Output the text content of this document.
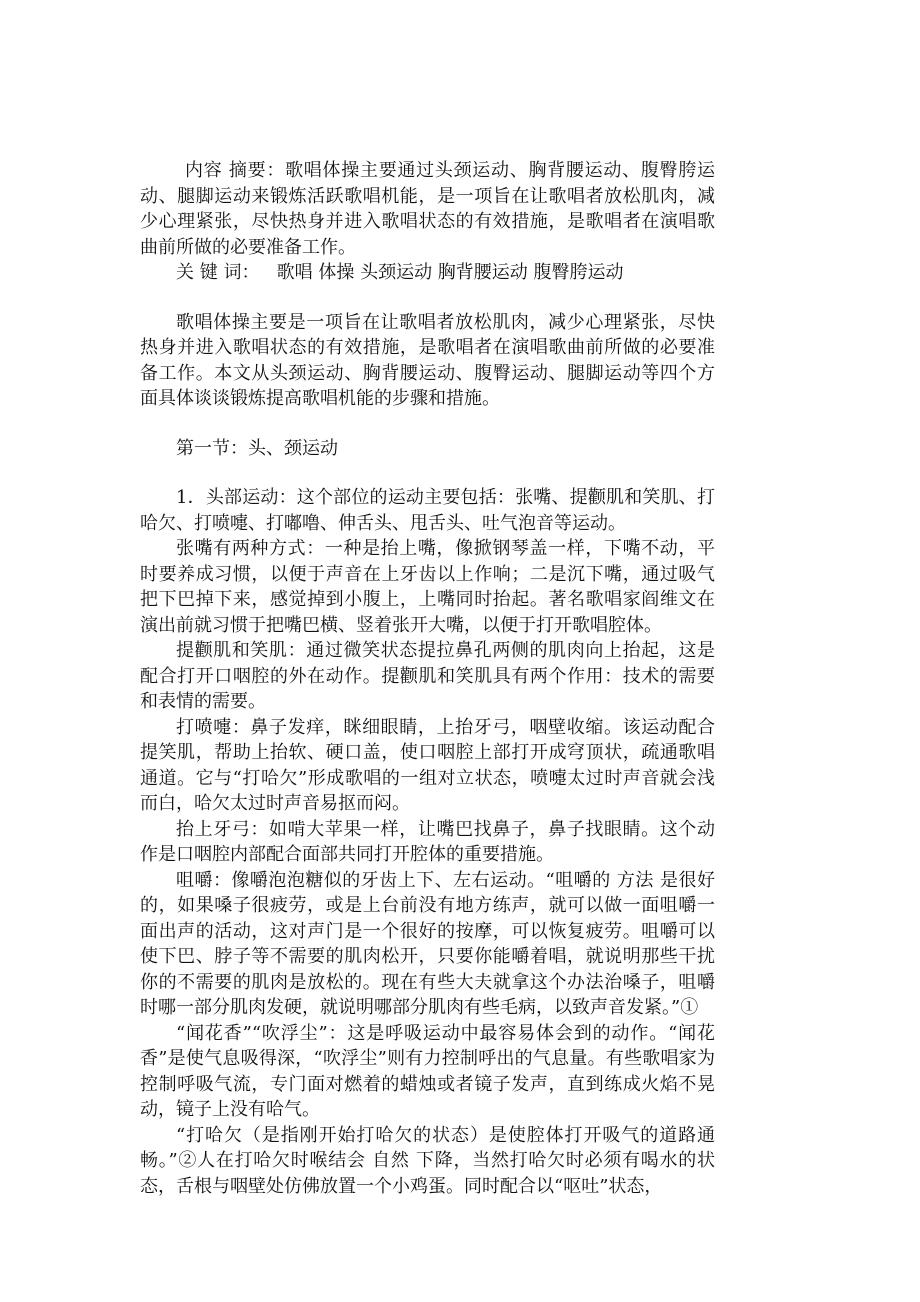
内容 摘要：歌唱体操主要通过头颈运动、胸背腰运动、腹臀胯运动、腿脚运动来锻炼活跃歌唱机能，是一项旨在让歌唱者放松肌肉，减少心理紧张，尽快热身并进入歌唱状态的有效措施，是歌唱者在演唱歌曲前所做的必要准备工作。

关 键 词： 歌唱 体操 头颈运动 胸背腰运动 腹臀胯运动

歌唱体操主要是一项旨在让歌唱者放松肌肉，减少心理紧张，尽快热身并进入歌唱状态的有效措施，是歌唱者在演唱歌曲前所做的必要准备工作。本文从头颈运动、胸背腰运动、腹臀运动、腿脚运动等四个方面具体谈谈锻炼提高歌唱机能的步骤和措施。

第一节：头、颈运动

1．头部运动：这个部位的运动主要包括：张嘴、提颧肌和笑肌、打哈欠、打喷嚏、打嘟噜、伸舌头、甩舌头、吐气泡音等运动。

张嘴有两种方式：一种是抬上嘴，像掀钢琴盖一样，下嘴不动，平时要养成习惯，以便于声音在上牙齿以上作响；二是沉下嘴，通过吸气把下巴掉下来，感觉掉到小腹上，上嘴同时抬起。著名歌唱家阎维文在演出前就习惯于把嘴巴横、竖着张开大嘴，以便于打开歌唱腔体。

提颧肌和笑肌：通过微笑状态提拉鼻孔两侧的肌肉向上抬起，这是配合打开口咽腔的外在动作。提颧肌和笑肌具有两个作用：技术的需要和表情的需要。

打喷嚏：鼻子发痒，眯细眼睛，上抬牙弓，咽壁收缩。该运动配合提笑肌，帮助上抬软、硬口盖，使口咽腔上部打开成穹顶状，疏通歌唱通道。它与“打哈欠”形成歌唱的一组对立状态，喷嚏太过时声音就会浅而白，哈欠太过时声音易抠而闷。

抬上牙弓：如啃大苹果一样，让嘴巴找鼻子，鼻子找眼睛。这个动作是口咽腔内部配合面部共同打开腔体的重要措施。

咀嚼：像嚼泡泡糖似的牙齿上下、左右运动。“咀嚼的 方法 是很好的，如果嗓子很疲劳，或是上台前没有地方练声，就可以做一面咀嚼一面出声的活动，这对声门是一个很好的按摩，可以恢复疲劳。咀嚼可以使下巴、脖子等不需要的肌肉松开，只要你能嚼着唱，就说明那些干扰你的不需要的肌肉是放松的。现在有些大夫就拿这个办法治嗓子，咀嚼时哪一部分肌肉发硬，就说明哪部分肌肉有些毛病，以致声音发紧。”①

“闻花香”“吹浮尘”：这是呼吸运动中最容易体会到的动作。“闻花香”是使气息吸得深，“吹浮尘”则有力控制呼出的气息量。有些歌唱家为控制呼吸气流，专门面对燃着的蜡烛或者镜子发声，直到练成火焰不晃动，镜子上没有哈气。

“打哈欠（是指刚开始打哈欠的状态）是使腔体打开吸气的道路通畅。”②人在打哈欠时喉结会 自然 下降，当然打哈欠时必须有喝水的状态，舌根与咽壁处仿佛放置一个小鸡蛋。同时配合以“呕吐”状态，
